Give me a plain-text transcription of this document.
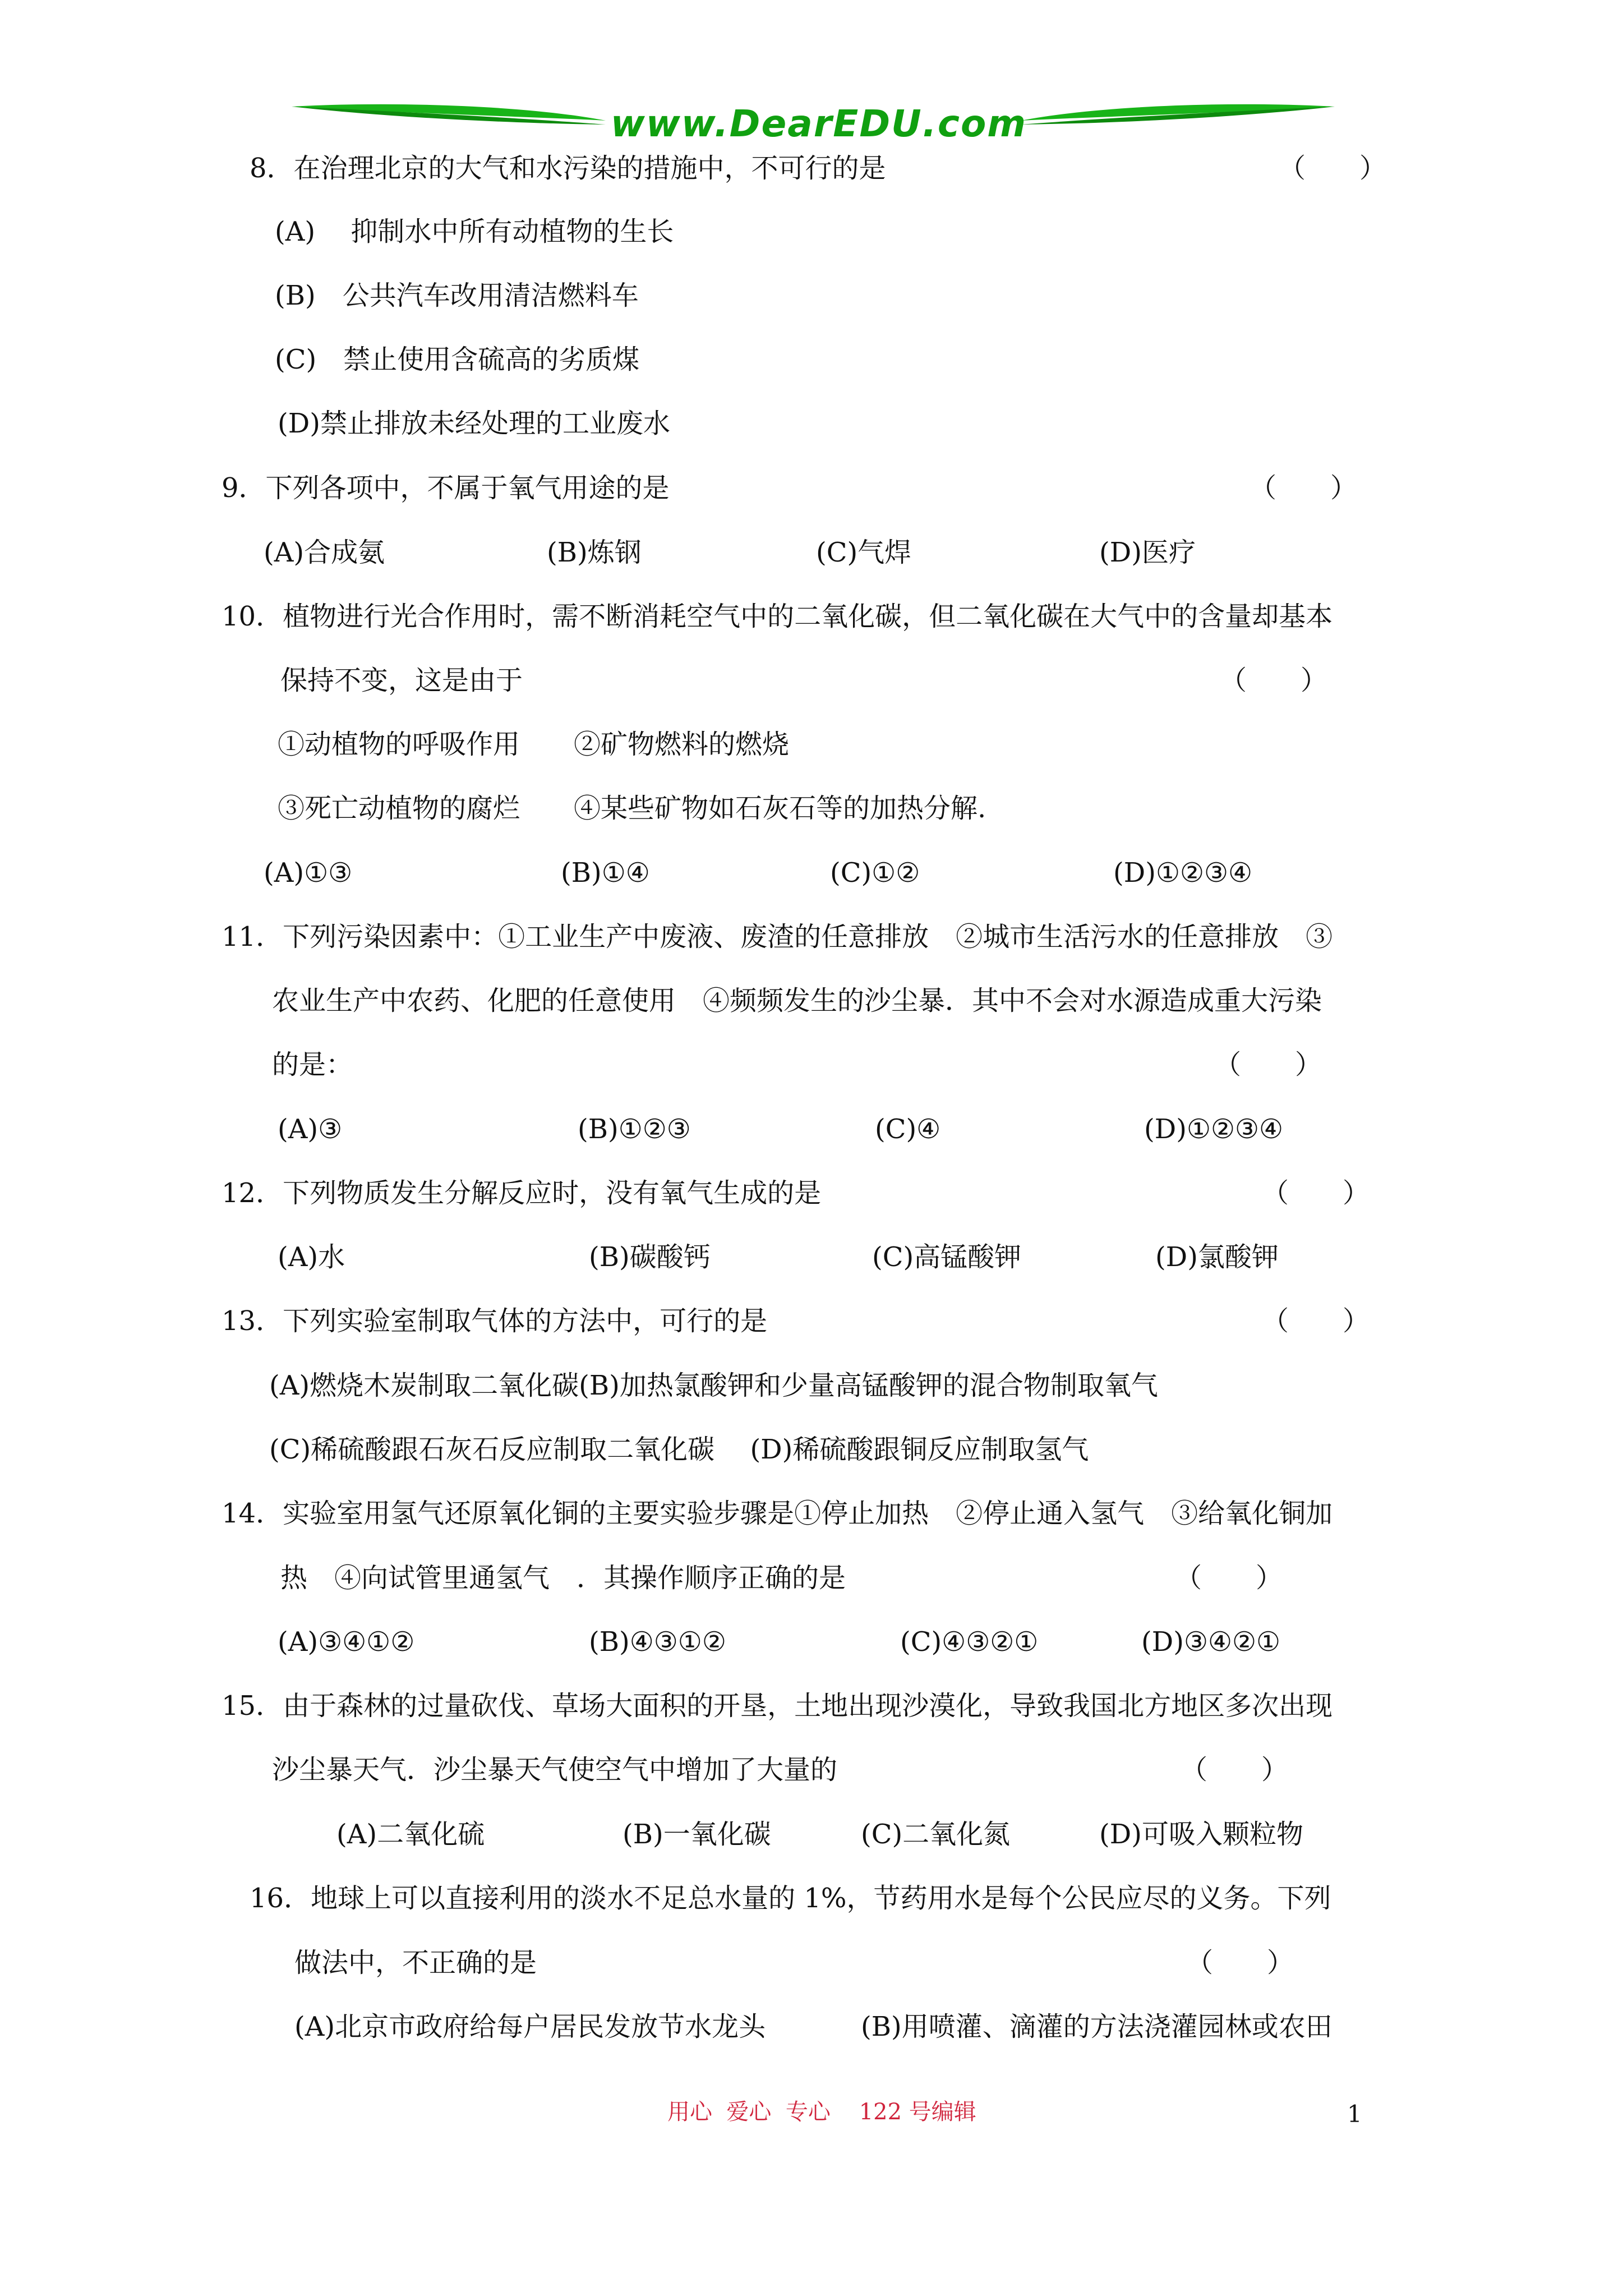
www.DearEDU.com
8．在治理北京的大气和水污染的措施中，不可行的是	（　　）
(A)　 抑制水中所有动植物的生长
(B)　公共汽车改用清洁燃料车
(C)　禁止使用含硫高的劣质煤
(D)禁止排放未经处理的工业废水
9．下列各项中，不属于氧气用途的是	（　　）
(A)合成氨	(B)炼钢	(C)气焊	(D)医疗
10．植物进行光合作用时，需不断消耗空气中的二氧化碳，但二氧化碳在大气中的含量却基本
保持不变，这是由于	（　　）
①动植物的呼吸作用　　②矿物燃料的燃烧
③死亡动植物的腐烂　　④某些矿物如石灰石等的加热分解.
(A)①③	(B)①④	(C)①②	(D)①②③④
11．下列污染因素中：①工业生产中废液、废渣的任意排放　②城市生活污水的任意排放　③
农业生产中农药、化肥的任意使用　④频频发生的沙尘暴．其中不会对水源造成重大污染
的是：	（　　）
(A)③	(B)①②③	(C)④	(D)①②③④
12．下列物质发生分解反应时，没有氧气生成的是	（　　）
(A)水	(B)碳酸钙	(C)高锰酸钾	(D)氯酸钾
13．下列实验室制取气体的方法中，可行的是	（　　）
(A)燃烧木炭制取二氧化碳(B)加热氯酸钾和少量高锰酸钾的混合物制取氧气
(C)稀硫酸跟石灰石反应制取二氧化碳　 (D)稀硫酸跟铜反应制取氢气
14．实验室用氢气还原氧化铜的主要实验步骤是①停止加热　②停止通入氢气　③给氧化铜加
热　④向试管里通氢气　．其操作顺序正确的是	（　　）
(A)③④①②	(B)④③①②	(C)④③②①	(D)③④②①
15．由于森林的过量砍伐、草场大面积的开垦，土地出现沙漠化，导致我国北方地区多次出现
沙尘暴天气．沙尘暴天气使空气中增加了大量的	（　　）
(A)二氧化硫	(B)一氧化碳	(C)二氧化氮	(D)可吸入颗粒物
16．地球上可以直接利用的淡水不足总水量的 1%，节药用水是每个公民应尽的义务。下列
做法中，不正确的是	（　　）
(A)北京市政府给每户居民发放节水龙头	(B)用喷灌、滴灌的方法浇灌园林或农田
用心  爱心  专心    122 号编辑	1
